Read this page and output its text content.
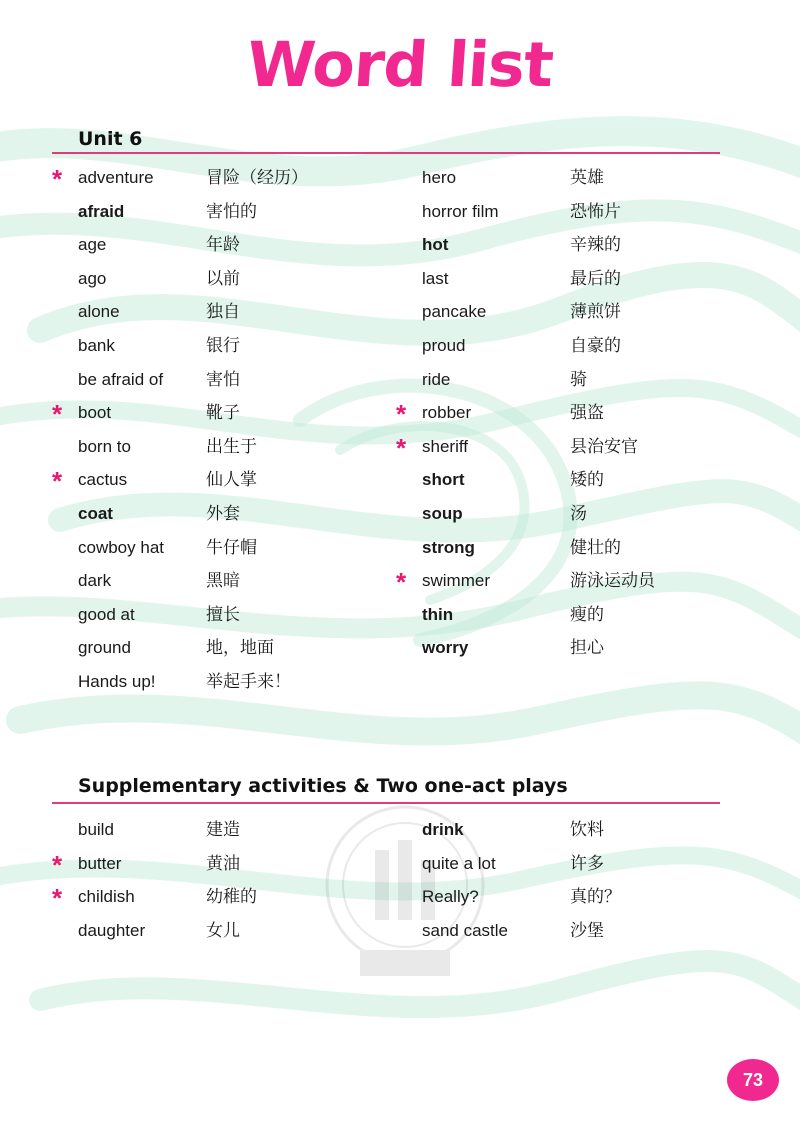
Word list
Unit 6
* adventure	冒险（经历）
afraid	害怕的
age	年龄
ago	以前
alone	独自
bank	银行
be afraid of	害怕
* boot	靴子
born to	出生于
* cactus	仙人掌
coat	外套
cowboy hat 牛仔帽
dark	黑暗
good at	擅长
ground	地，地面
Hands up!	举起手来！
hero	英雄
horror film	恐怖片
hot	辛辣的
last	最后的
pancake	薄煎饼
proud	自豪的
ride	骑
* robber	强盗
* sheriff	县治安官
short	矮的
soup	汤
strong	健壮的
* swimmer	游泳运动员
thin	瘦的
worry	担心
Supplementary activities & Two one-act plays
build	建造
* butter	黄油
* childish	幼稚的
daughter	女儿
drink	饮料
quite a lot	许多
Really?	真的？
sand castle	沙堡
73
